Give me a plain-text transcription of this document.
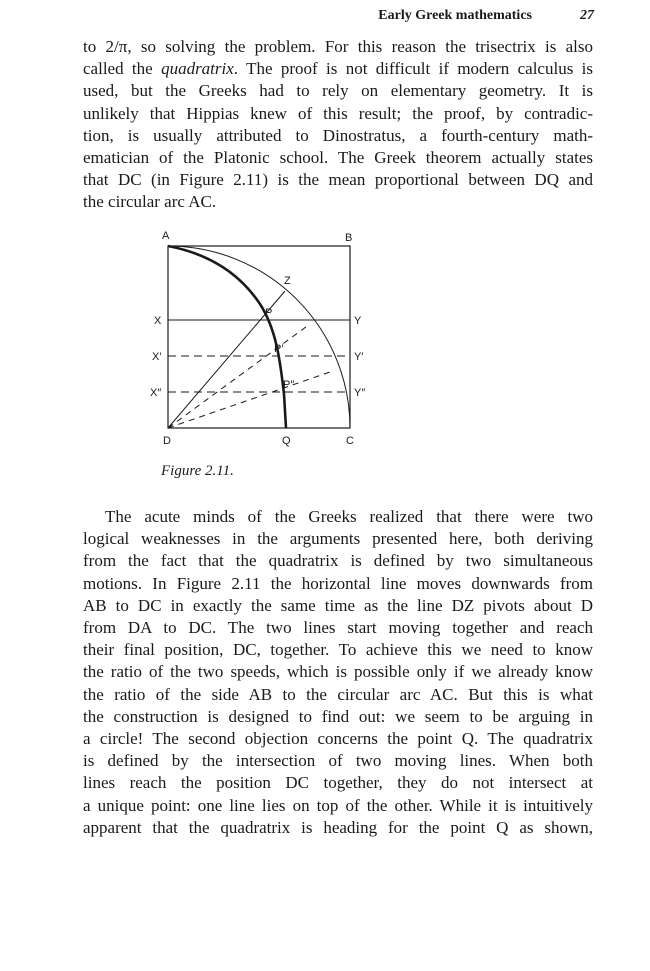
Early Greek mathematics	27
to 2/π, so solving the problem. For this reason the trisectrix is also
called the quadratrix. The proof is not difficult if modern calculus is
used, but the Greeks had to rely on elementary geometry. It is
unlikely that Hippias knew of this result; the proof, by contradic-
tion, is usually attributed to Dinostratus, a fourth-century math-
ematician of the Platonic school. The Greek theorem actually states
that DC (in Figure 2.11) is the mean proportional between DQ and
the circular arc AC.
A	B
Z
X
P
Y
X′
P′
Y′
X″
P″
Y″
D	Q	C
Figure 2.11.
The acute minds of the Greeks realized that there were two
logical weaknesses in the arguments presented here, both deriving
from the fact that the quadratrix is defined by two simultaneous
motions. In Figure 2.11 the horizontal line moves downwards from
AB to DC in exactly the same time as the line DZ pivots about D
from DA to DC. The two lines start moving together and reach
their final position, DC, together. To achieve this we need to know
the ratio of the two speeds, which is possible only if we already know
the ratio of the side AB to the circular arc AC. But this is what
the construction is designed to find out: we seem to be arguing in
a circle! The second objection concerns the point Q. The quadratrix
is defined by the intersection of two moving lines. When both
lines reach the position DC together, they do not intersect at
a unique point: one line lies on top of the other. While it is intuitively
apparent that the quadratrix is heading for the point Q as shown,
